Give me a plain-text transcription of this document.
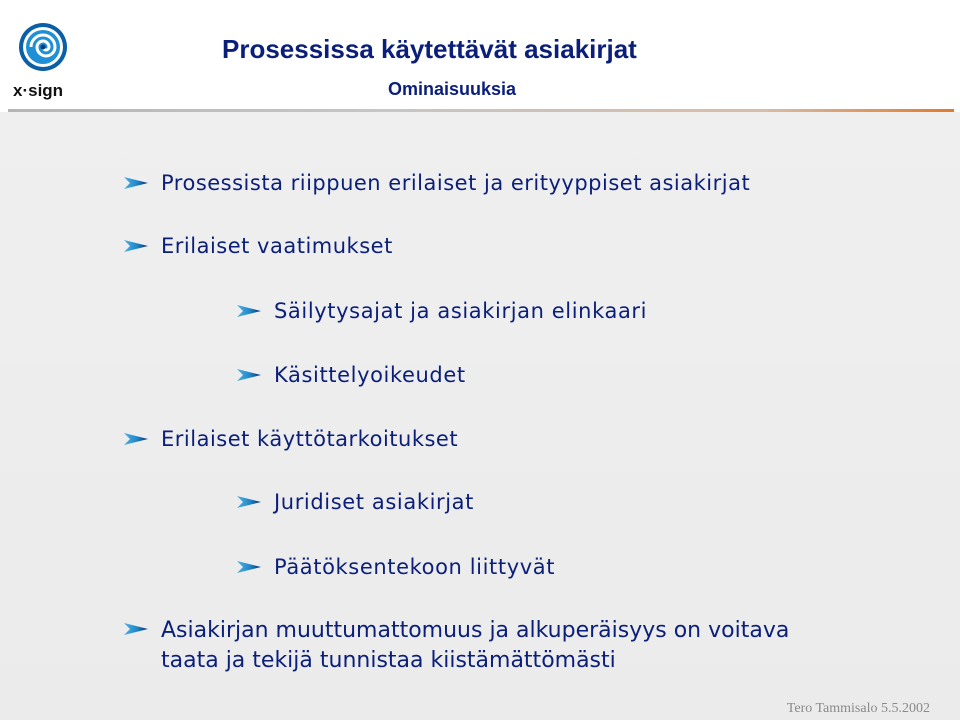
x·sign
Prosessissa käytettävät asiakirjat
Ominaisuuksia
Prosessista riippuen erilaiset ja erityyppiset asiakirjat
Erilaiset vaatimukset
Säilytysajat ja asiakirjan elinkaari
Käsittelyoikeudet
Erilaiset käyttötarkoitukset
Juridiset asiakirjat
Päätöksentekoon liittyvät
Asiakirjan muuttumattomuus ja alkuperäisyys on voitava taata ja tekijä tunnistaa kiistämättömästi
Tero Tammisalo 5.5.2002
